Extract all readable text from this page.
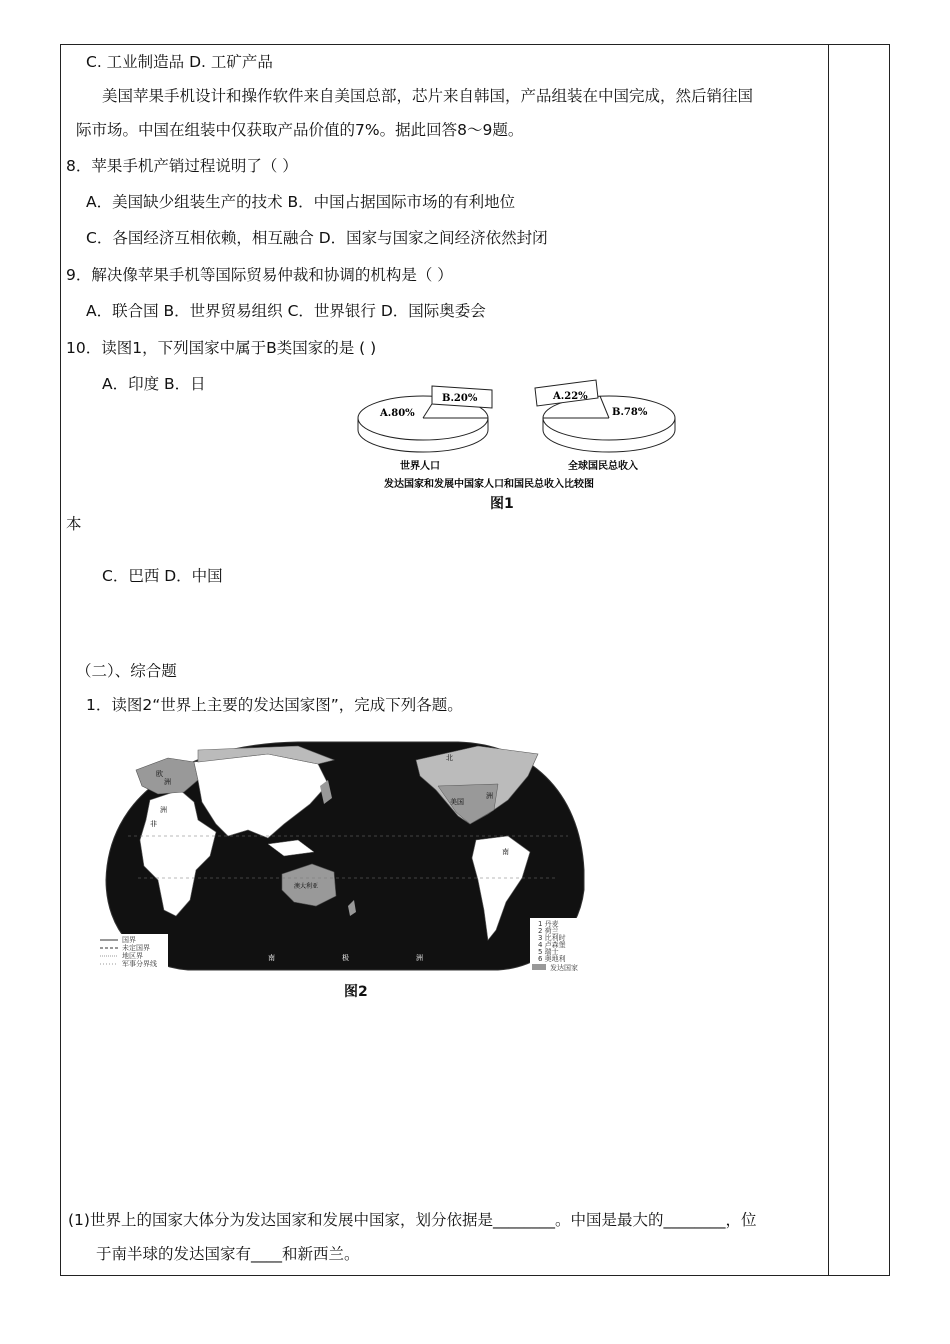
C. 工业制造品 D. 工矿产品
美国苹果手机设计和操作软件来自美国总部，芯片来自韩国，产品组装在中国完成，然后销往国
际市场。中国在组装中仅获取产品价值的7%。据此回答8～9题。
8．苹果手机产销过程说明了（ ）
A．美国缺少组装生产的技术 B．中国占据国际市场的有利地位
C．各国经济互相依赖，相互融合 D．国家与国家之间经济依然封闭
9．解决像苹果手机等国际贸易仲裁和协调的机构是（ ）
A．联合国 B．世界贸易组织 C．世界银行 D．国际奥委会
10．读图1，下列国家中属于B类国家的是 ( )
A．印度 B．日
B.20%
A.80%
世界人口
A.22%
B.78%
全球国民总收入
发达国家和发展中国家人口和国民总收入比较图
图1
本
C．巴西 D．中国
（二）、综合题
1．读图2“世界上主要的发达国家图”，完成下列各题。
北
美国
洲
欧
洲
洲
非
南
澳大利亚
南	极	洲
国界
未定国界
地区界
军事分界线
1 丹麦
2 荷兰
3 比利时
4 卢森堡
5 瑞士
6 奥地利
发达国家
图2
(1)世界上的国家大体分为发达国家和发展中国家，划分依据是________。中国是最大的________，位
于南半球的发达国家有____和新西兰。
